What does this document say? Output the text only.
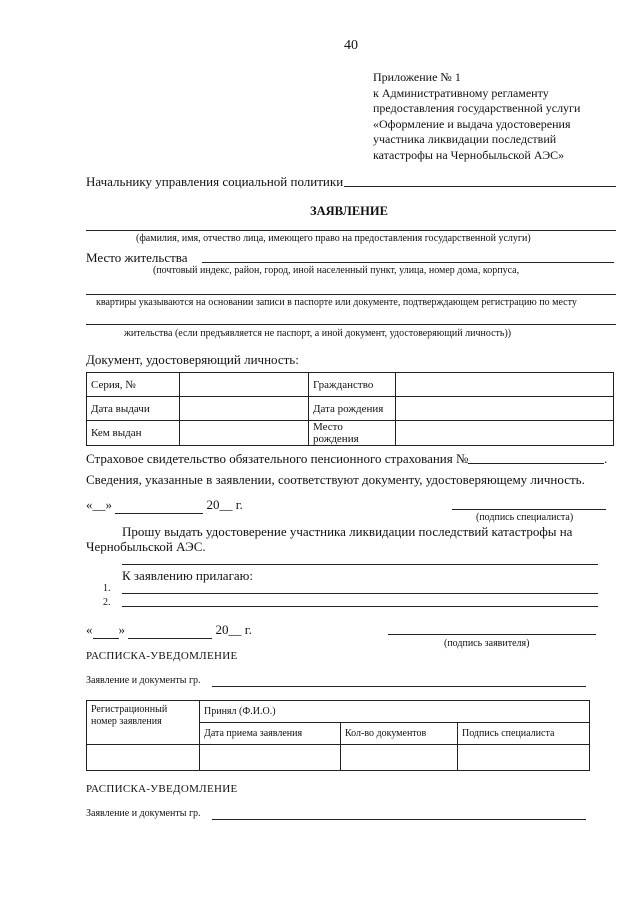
40
Приложение № 1
к Административному регламенту
предоставления государственной услуги
«Оформление и выдача удостоверения
участника ликвидации последствий
катастрофы на Чернобыльской АЭС»
Начальнику управления социальной политики
ЗАЯВЛЕНИЕ
(фамилия, имя, отчество лица, имеющего право на предоставления государственной услуги)
Место жительства
(почтовый индекс, район, город, иной населенный пункт, улица, номер дома, корпуса,
квартиры указываются на основании записи в паспорте или документе, подтверждающем регистрацию по месту
жительства (если предъявляется не паспорт, а иной документ, удостоверяющий личность))
Документ, удостоверяющий личность:
Серия, №		Гражданство	
Дата выдачи		Дата рождения	
Кем выдан		Место рождения	
Страховое свидетельство обязательного пенсионного страхования №	.
Сведения, указанные в заявлении, соответствуют документу, удостоверяющему личность.
«__»	20__ г.
(подпись специалиста)
Прошу выдать удостоверение участника ликвидации последствий катастрофы на
Чернобыльской АЭС.
К заявлению прилагаю:
1.
2.
« »	20__ г.
(подпись заявителя)
РАСПИСКА-УВЕДОМЛЕНИЕ
Заявление и документы гр.
Регистрационный номер заявления	Принял (Ф.И.О.)		
	Дата приема заявления	Кол-во документов	Подпись специалиста

РАСПИСКА-УВЕДОМЛЕНИЕ
Заявление и документы гр.
